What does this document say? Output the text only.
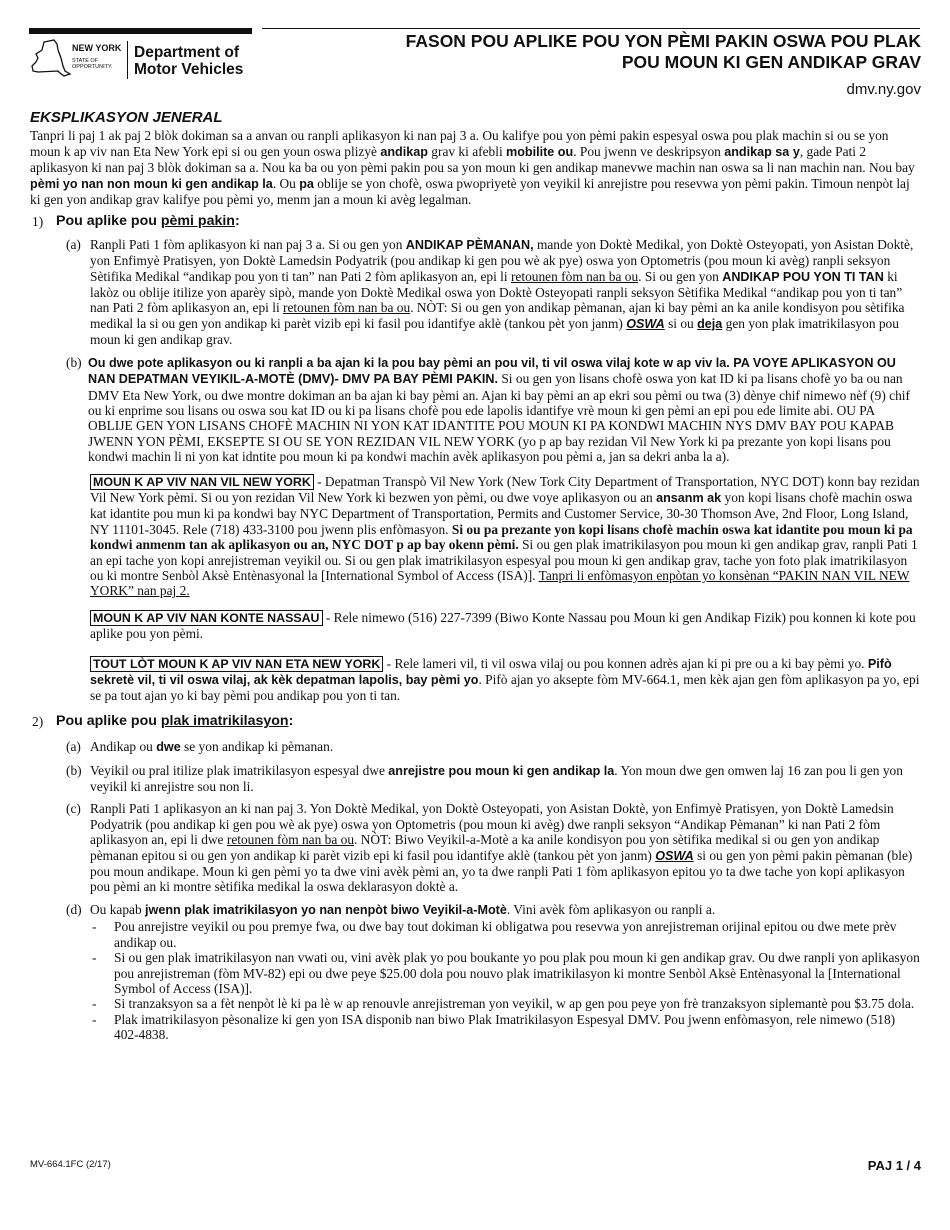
NEW YORK
STATE OF
OPPORTUNITY.
Department of
Motor Vehicles
FASON POU APLIKE POU YON PÈMI PAKIN OSWA POU PLAK
POU MOUN KI GEN ANDIKAP GRAV
dmv.ny.gov
EKSPLIKASYON JENERAL

Tanpri li paj 1 ak paj 2 blòk dokiman sa a anvan ou ranpli aplikasyon ki nan paj 3 a. Ou kalifye pou yon pèmi pakin espesyal oswa pou plak machin si ou se yon moun k ap viv nan Eta New York epi si ou gen youn oswa plizyè andikap grav ki afebli mobilite ou. Pou jwenn ve deskripsyon andikap sa y, gade Pati 2 aplikasyon ki nan paj 3 blòk dokiman sa a. Nou ka ba ou yon pèmi pakin pou sa yon moun ki gen andikap manevwe machin nan oswa sa li nan machin nan. Nou bay pèmi yo nan non moun ki gen andikap la. Ou pa oblije se yon chofè, oswa pwopriyetè yon veyikil ki anrejistre pou resevwa yon pèmi pakin. Timoun nenpòt laj ki gen yon andikap grav kalifye pou pèmi yo, menm jan a moun ki avèg legalman.

1) Pou aplike pou pèmi pakin:
(a) Ranpli Pati 1 fòm aplikasyon ki nan paj 3 a. Si ou gen yon ANDIKAP PÈMANAN, mande yon Doktè Medikal, yon Doktè Osteyopati, yon Asistan Doktè, yon Enfimyè Pratisyen, yon Doktè Lamedsin Podyatrik (pou andikap ki gen pou wè ak pye) oswa yon Optometris (pou moun ki avèg) ranpli seksyon Sètifika Medikal “andikap pou yon ti tan” nan Pati 2 fòm aplikasyon an, epi li retounen fòm nan ba ou. Si ou gen yon ANDIKAP POU YON TI TAN ki lakòz ou oblije itilize yon aparèy sipò, mande yon Doktè Medikal oswa yon Doktè Osteyopati ranpli seksyon Sètifika Medikal “andikap pou yon ti tan” nan Pati 2 fòm aplikasyon an, epi li retounen fòm nan ba ou. NÒT: Si ou gen yon andikap pèmanan, ajan ki bay pèmi an ka anile kondisyon pou sètifika medikal la si ou gen yon andikap ki parèt vizib epi ki fasil pou idantifye aklè (tankou pèt yon janm) OSWA si ou deja gen yon plak imatrikilasyon pou moun ki gen andikap grav.

(b) Ou dwe pote aplikasyon ou ki ranpli a ba ajan ki la pou bay pèmi an pou vil, ti vil oswa vilaj kote w ap viv la. PA VOYE APLIKASYON OU NAN DEPATMAN VEYIKIL-A-MOTÈ (DMV)- DMV PA BAY PÈMI PAKIN. Si ou gen yon lisans chofè oswa yon kat ID ki pa lisans chofè yo ba ou nan DMV Eta New York, ou dwe montre dokiman an ba ajan ki bay pèmi an. Ajan ki bay pèmi an ap ekri sou pèmi ou twa (3) dènye chif nimewo nèf (9) chif ou ki enprime sou lisans ou oswa sou kat ID ou ki pa lisans chofè pou ede lapolis idantifye vrè moun ki gen pèmi an epi pou ede limite abi. OU PA OBLIJE GEN YON LISANS CHOFÈ MACHIN NI YON KAT IDANTITE POU MOUN KI PA KONDWI MACHIN NYS DMV BAY POU KAPAB JWENN YON PÈMI, EKSEPTE SI OU SE YON REZIDAN VIL NEW YORK (yo p ap bay rezidan Vil New York ki pa prezante yon kopi lisans pou kondwi machin li ni yon kat idntite pou moun ki pa kondwi machin avèk aplikasyon pou pèmi a, jan sa dekri anba la a).

MOUN K AP VIV NAN VIL NEW YORK - Depatman Transpò Vil New York (New Tork City Department of Transportation, NYC DOT) konn bay rezidan Vil New York pèmi. Si ou yon rezidan Vil New York ki bezwen yon pèmi, ou dwe voye aplikasyon ou an ansanm ak yon kopi lisans chofè machin oswa kat idantite pou mun ki pa kondwi bay NYC Department of Transportation, Permits and Customer Service, 30-30 Thomson Ave, 2nd Floor, Long Island, NY 11101-3045. Rele (718) 433-3100 pou jwenn plis enfòmasyon. Si ou pa prezante yon kopi lisans chofè machin oswa kat idantite pou moun ki pa kondwi anmenm tan ak aplikasyon ou an, NYC DOT p ap bay okenn pèmi. Si ou gen plak imatrikilasyon pou moun ki gen andikap grav, ranpli Pati 1 an epi tache yon kopi anrejistreman veyikil ou. Si ou gen plak imatrikilasyon espesyal pou moun ki gen andikap grav, tache yon foto plak imatrikilasyon ou ki montre Senbòl Aksè Entènasyonal la [International Symbol of Access (ISA)]. Tanpri li enfòmasyon enpòtan yo konsènan “PAKIN NAN VIL NEW YORK” nan paj 2.

MOUN K AP VIV NAN KONTE NASSAU - Rele nimewo (516) 227-7399 (Biwo Konte Nassau pou Moun ki gen Andikap Fizik) pou konnen ki kote pou aplike pou yon pèmi.

TOUT LÒT MOUN K AP VIV NAN ETA NEW YORK - Rele lameri vil, ti vil oswa vilaj ou pou konnen adrès ajan ki pi pre ou a ki bay pèmi yo. Pifò sekretè vil, ti vil oswa vilaj, ak kèk depatman lapolis, bay pèmi yo. Pifò ajan yo aksepte fòm MV-664.1, men kèk ajan gen fòm aplikasyon pa yo, epi se pa tout ajan yo ki bay pèmi pou andikap pou yon ti tan.

2) Pou aplike pou plak imatrikilasyon:
(a) Andikap ou dwe se yon andikap ki pèmanan.

(b) Veyikil ou pral itilize plak imatrikilasyon espesyal dwe anrejistre pou moun ki gen andikap la. Yon moun dwe gen omwen laj 16 zan pou li gen yon veyikil ki anrejistre sou non li.

(c) Ranpli Pati 1 aplikasyon an ki nan paj 3. Yon Doktè Medikal, yon Doktè Osteyopati, yon Asistan Doktè, yon Enfimyè Pratisyen, yon Doktè Lamedsin Podyatrik (pou andikap ki gen pou wè ak pye) oswa yon Optometris (pou moun ki avèg) dwe ranpli seksyon “Andikap Pèmanan” ki nan Pati 2 fòm aplikasyon an, epi li dwe retounen fòm nan ba ou. NÒT: Biwo Veyikil-a-Motè a ka anile kondisyon pou yon sètifika medikal si ou gen yon andikap pèmanan epitou si ou gen yon andikap ki parèt vizib epi ki fasil pou idantifye aklè (tankou pèt yon janm) OSWA si ou gen yon pèmi pakin pèmanan (ble) pou moun andikape. Moun ki gen pèmi yo ta dwe vini avèk pèmi an, yo ta dwe ranpli Pati 1 fòm aplikasyon epitou yo ta dwe tache yon kopi aplikasyon pou pèmi an ki montre sètifika medikal la oswa deklarasyon doktè a.

(d) Ou kapab jwenn plak imatrikilasyon yo nan nenpòt biwo Veyikil-a-Motè. Vini avèk fòm aplikasyon ou ranpli a.

- Pou anrejistre veyikil ou pou premye fwa, ou dwe bay tout dokiman ki obligatwa pou resevwa yon anrejistreman orijinal epitou ou dwe mete prèv andikap ou.
- Si ou gen plak imatrikilasyon nan vwati ou, vini avèk plak yo pou boukante yo pou plak pou moun ki gen andikap grav. Ou dwe ranpli yon aplikasyon pou anrejistreman (fòm MV-82) epi ou dwe peye $25.00 dola pou nouvo plak imatrikilasyon ki montre Senbòl Aksè Entènasyonal la [International Symbol of Access (ISA)].
- Si tranzaksyon sa a fèt nenpòt lè ki pa lè w ap renouvle anrejistreman yon veyikil, w ap gen pou peye yon frè tranzaksyon siplemantè pou $3.75 dola.
- Plak imatrikilasyon pèsonalize ki gen yon ISA disponib nan biwo Plak Imatrikilasyon Espesyal DMV. Pou jwenn enfòmasyon, rele nimewo (518) 402-4838.
MV-664.1FC (2/17)	PAJ 1 / 4
